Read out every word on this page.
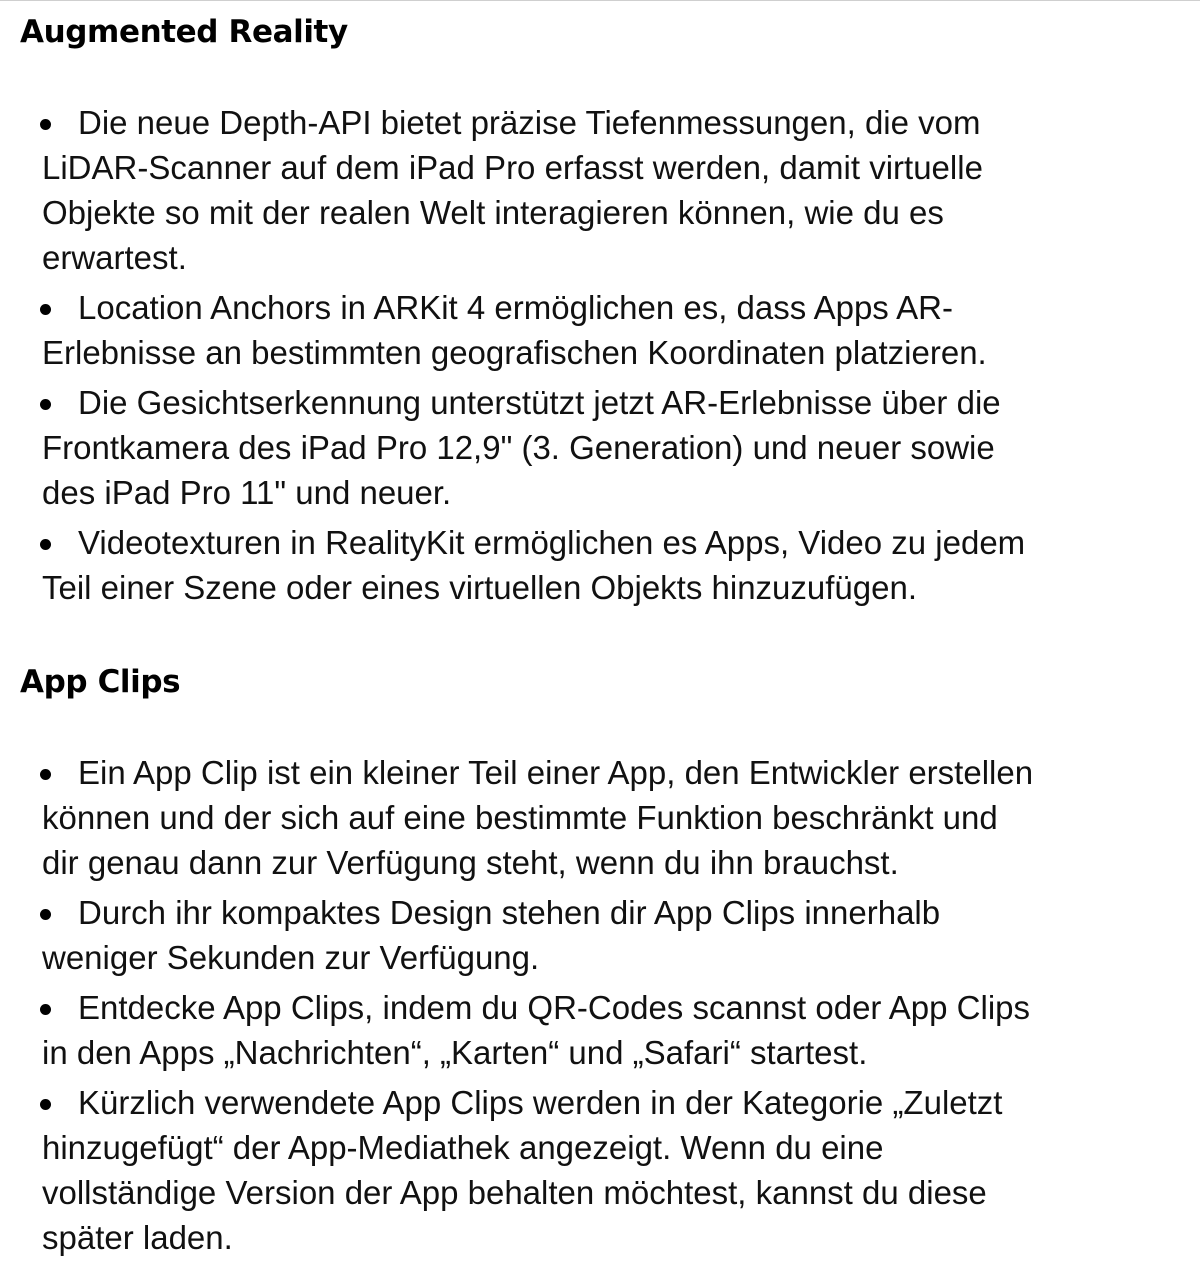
Augmented Reality
Die neue Depth-API bietet präzise Tiefenmessungen, die vom
LiDAR-Scanner auf dem iPad Pro erfasst werden, damit virtuelle
Objekte so mit der realen Welt interagieren können, wie du es
erwartest.
Location Anchors in ARKit 4 ermöglichen es, dass Apps AR-
Erlebnisse an bestimmten geografischen Koordinaten platzieren.
Die Gesichtserkennung unterstützt jetzt AR-Erlebnisse über die
Frontkamera des iPad Pro 12,9" (3. Generation) und neuer sowie
des iPad Pro 11" und neuer.
Videotexturen in RealityKit ermöglichen es Apps, Video zu jedem
Teil einer Szene oder eines virtuellen Objekts hinzuzufügen.
App Clips
Ein App Clip ist ein kleiner Teil einer App, den Entwickler erstellen
können und der sich auf eine bestimmte Funktion beschränkt und
dir genau dann zur Verfügung steht, wenn du ihn brauchst.
Durch ihr kompaktes Design stehen dir App Clips innerhalb
weniger Sekunden zur Verfügung.
Entdecke App Clips, indem du QR-Codes scannst oder App Clips
in den Apps „Nachrichten“, „Karten“ und „Safari“ startest.
Kürzlich verwendete App Clips werden in der Kategorie „Zuletzt
hinzugefügt“ der App-Mediathek angezeigt. Wenn du eine
vollständige Version der App behalten möchtest, kannst du diese
später laden.
